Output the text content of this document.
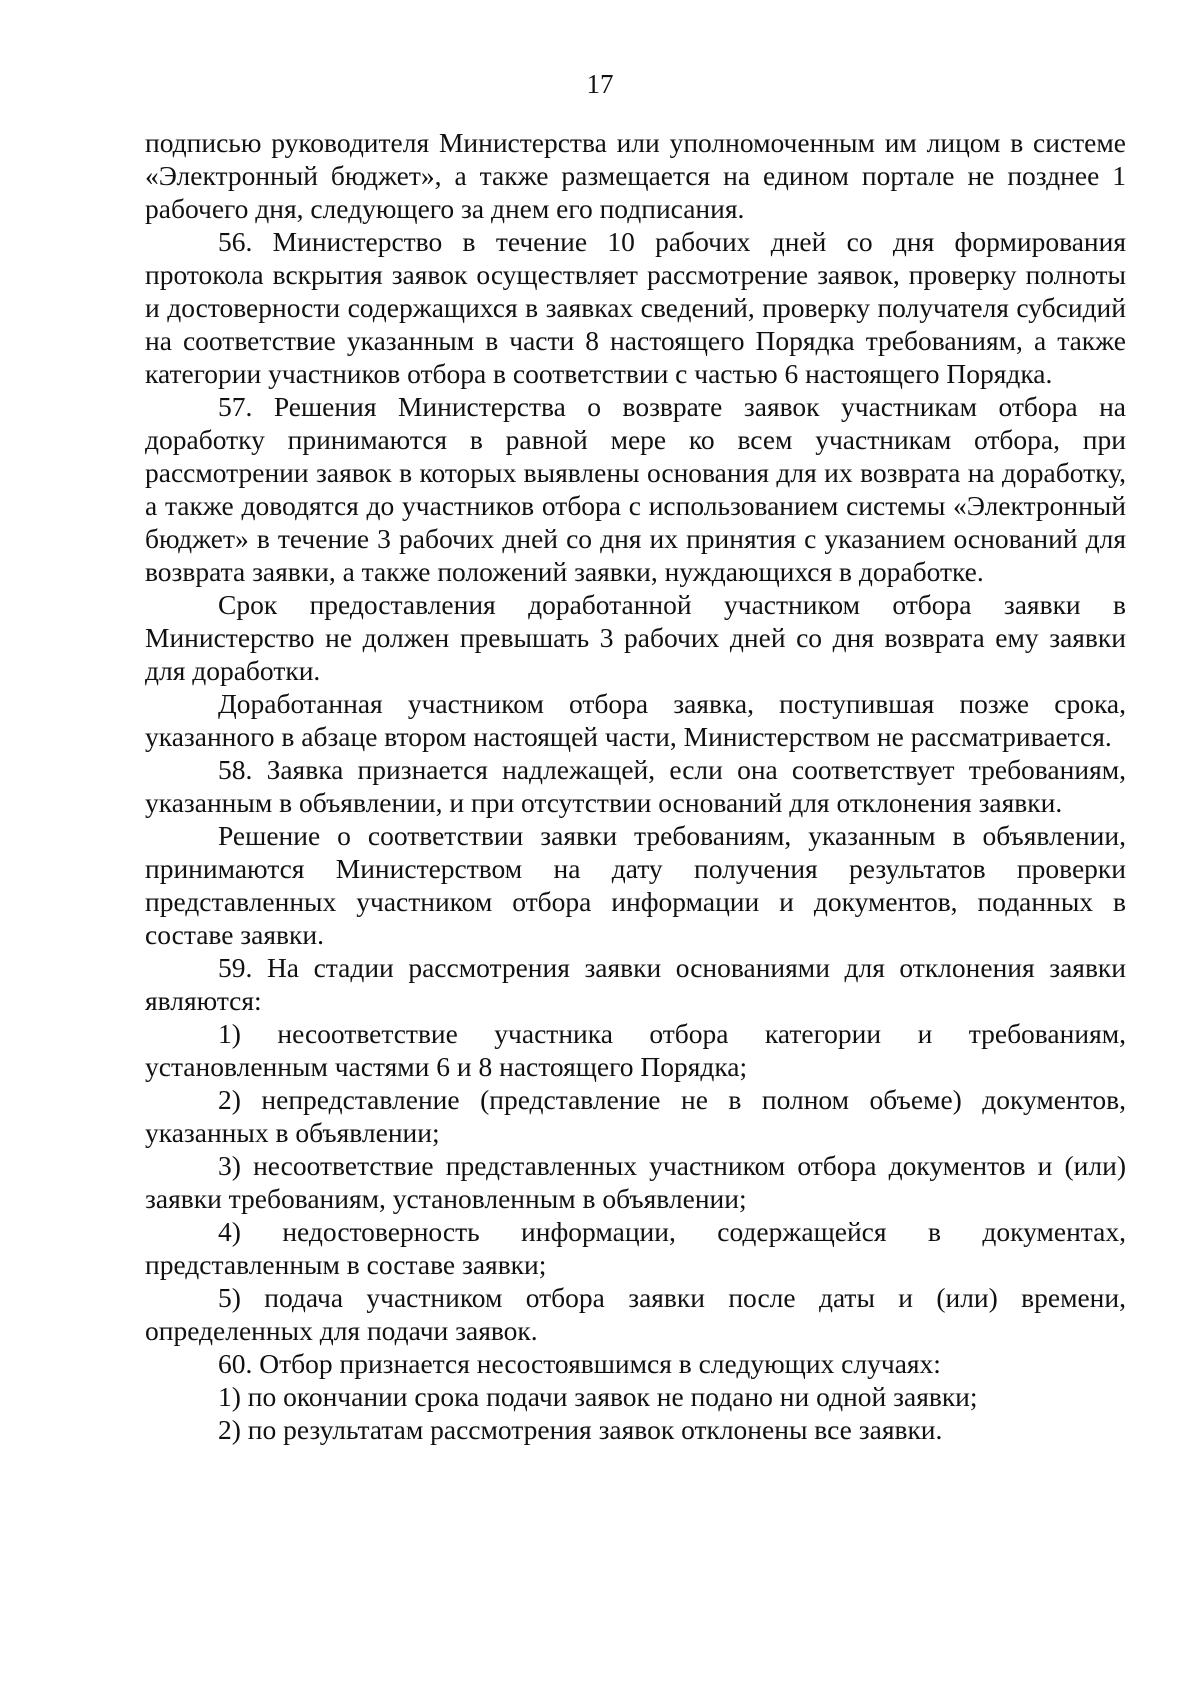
17

подписью руководителя Министерства или уполномоченным им лицом в системе «Электронный бюджет», а также размещается на едином портале не позднее 1 рабочего дня, следующего за днем его подписания.

56. Министерство в течение 10 рабочих дней со дня формирования протокола вскрытия заявок осуществляет рассмотрение заявок, проверку полноты и достоверности содержащихся в заявках сведений, проверку получателя субсидий на соответствие указанным в части 8 настоящего Порядка требованиям, а также категории участников отбора в соответствии с частью 6 настоящего Порядка.

57. Решения Министерства о возврате заявок участникам отбора на доработку принимаются в равной мере ко всем участникам отбора, при рассмотрении заявок в которых выявлены основания для их возврата на доработку, а также доводятся до участников отбора с использованием системы «Электронный бюджет» в течение 3 рабочих дней со дня их принятия с указанием оснований для возврата заявки, а также положений заявки, нуждающихся в доработке.

Срок предоставления доработанной участником отбора заявки в Министерство не должен превышать 3 рабочих дней со дня возврата ему заявки для доработки.

Доработанная участником отбора заявка, поступившая позже срока, указанного в абзаце втором настоящей части, Министерством не рассматривается.

58. Заявка признается надлежащей, если она соответствует требованиям, указанным в объявлении, и при отсутствии оснований для отклонения заявки.

Решение о соответствии заявки требованиям, указанным в объявлении, принимаются Министерством на дату получения результатов проверки представленных участником отбора информации и документов, поданных в составе заявки.

59. На стадии рассмотрения заявки основаниями для отклонения заявки являются:

1) несоответствие участника отбора категории и требованиям, установленным частями 6 и 8 настоящего Порядка;

2) непредставление (представление не в полном объеме) документов, указанных в объявлении;

3) несоответствие представленных участником отбора документов и (или) заявки требованиям, установленным в объявлении;

4) недостоверность информации, содержащейся в документах, представленным в составе заявки;

5) подача участником отбора заявки после даты и (или) времени, определенных для подачи заявок.

60. Отбор признается несостоявшимся в следующих случаях:

1) по окончании срока подачи заявок не подано ни одной заявки;

2) по результатам рассмотрения заявок отклонены все заявки.
